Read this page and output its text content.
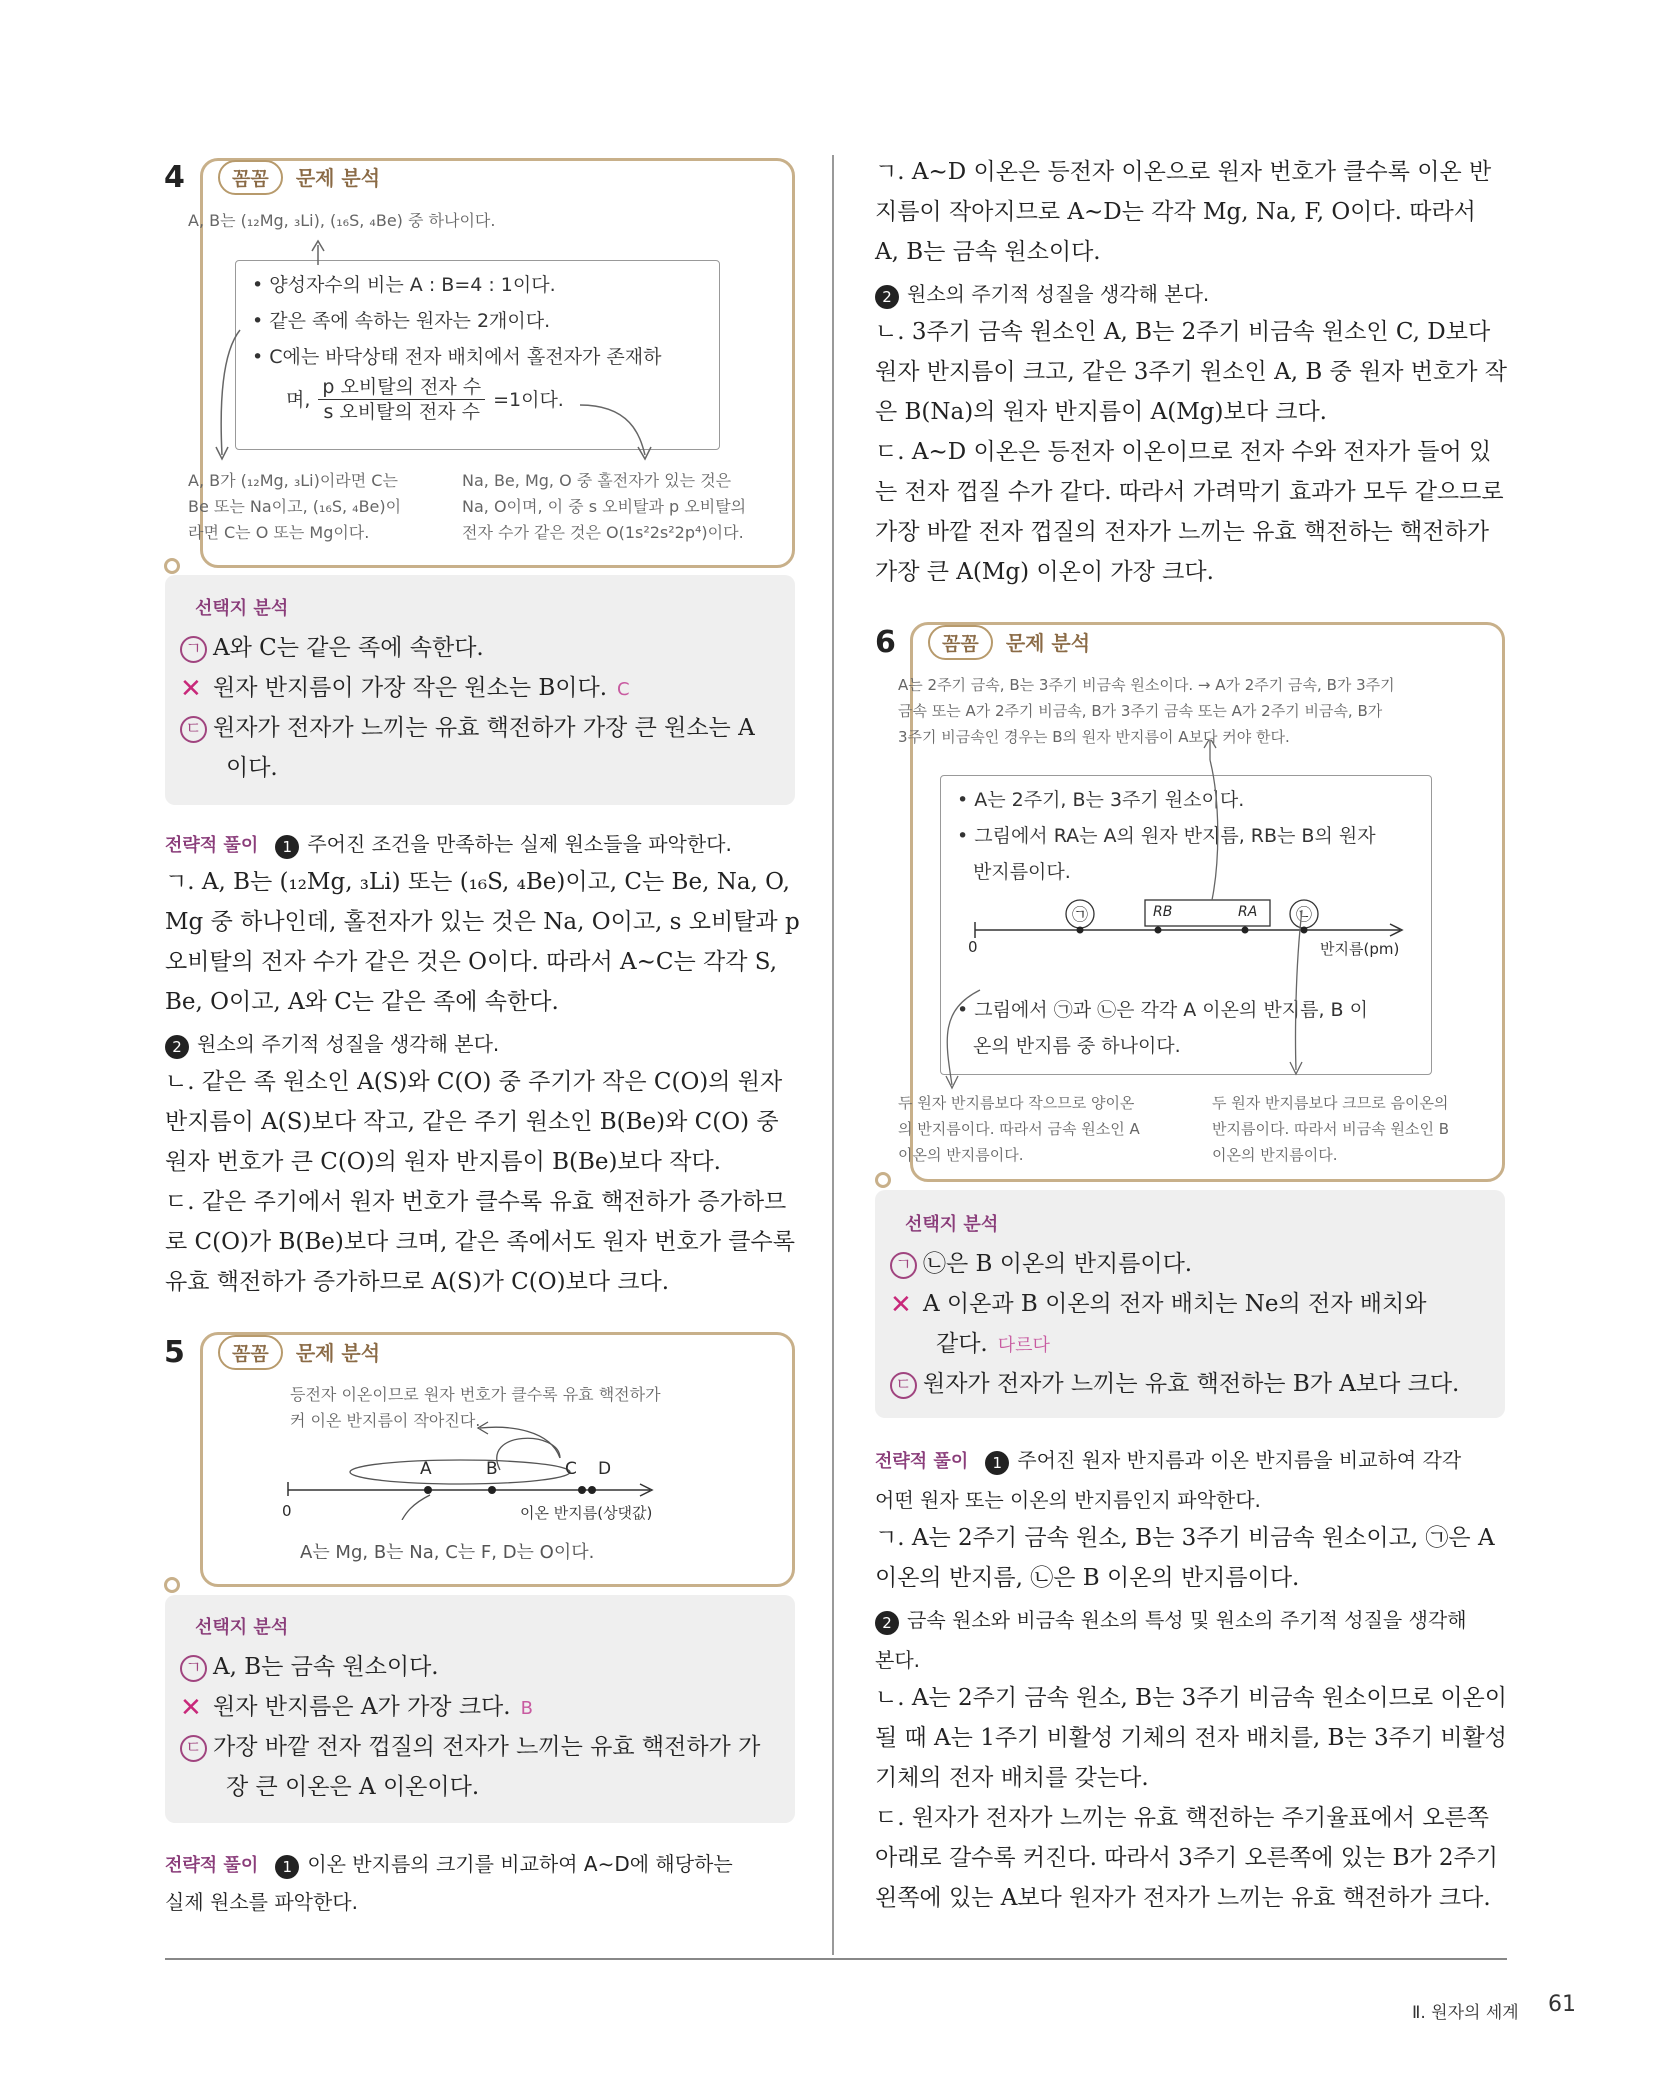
4	꼼꼼 문제 분석
A, B는 (₁₂Mg, ₃Li), (₁₆S, ₄Be) 중 하나이다.
• 양성자수의 비는 A : B=4 : 1이다.
• 같은 족에 속하는 원자는 2개이다.
• C에는 바닥상태 전자 배치에서 홀전자가 존재하
며,
p 오비탈의 전자 수
s 오비탈의 전자 수
=1이다.
A, B가 (₁₂Mg, ₃Li)이라면 C는
Be 또는 Na이고, (₁₆S, ₄Be)이
라면 C는 O 또는 Mg이다.
Na, Be, Mg, O 중 홀전자가 있는 것은
Na, O이며, 이 중 s 오비탈과 p 오비탈의
전자 수가 같은 것은 O(1s²2s²2p⁴)이다.
선택지 분석
ㄱ A와 C는 같은 족에 속한다.
✕ 원자 반지름이 가장 작은 원소는 B이다. C
ㄷ 원자가 전자가 느끼는 유효 핵전하가 가장 큰 원소는 A
이다.
전략적 풀이 1 주어진 조건을 만족하는 실제 원소들을 파악한다.
ㄱ. A, B는 (₁₂Mg, ₃Li) 또는 (₁₆S, ₄Be)이고, C는 Be, Na, O,
Mg 중 하나인데, 홀전자가 있는 것은 Na, O이고, s 오비탈과 p
오비탈의 전자 수가 같은 것은 O이다. 따라서 A∼C는 각각 S,
Be, O이고, A와 C는 같은 족에 속한다.
2 원소의 주기적 성질을 생각해 본다.
ㄴ. 같은 족 원소인 A(S)와 C(O) 중 주기가 작은 C(O)의 원자
반지름이 A(S)보다 작고, 같은 주기 원소인 B(Be)와 C(O) 중
원자 번호가 큰 C(O)의 원자 반지름이 B(Be)보다 작다.
ㄷ. 같은 주기에서 원자 번호가 클수록 유효 핵전하가 증가하므
로 C(O)가 B(Be)보다 크며, 같은 족에서도 원자 번호가 클수록
유효 핵전하가 증가하므로 A(S)가 C(O)보다 크다.
5	꼼꼼 문제 분석
등전자 이온이므로 원자 번호가 클수록 유효 핵전하가
커 이온 반지름이 작아진다.
A	B	C D
0	이온 반지름(상댓값)
A는 Mg, B는 Na, C는 F, D는 O이다.
선택지 분석
ㄱ A, B는 금속 원소이다.
✕ 원자 반지름은 A가 가장 크다. B
ㄷ 가장 바깥 전자 껍질의 전자가 느끼는 유효 핵전하가 가
장 큰 이온은 A 이온이다.
전략적 풀이 1 이온 반지름의 크기를 비교하여 A∼D에 해당하는
실제 원소를 파악한다.
ㄱ. A∼D 이온은 등전자 이온으로 원자 번호가 클수록 이온 반
지름이 작아지므로 A∼D는 각각 Mg, Na, F, O이다. 따라서
A, B는 금속 원소이다.
2 원소의 주기적 성질을 생각해 본다.
ㄴ. 3주기 금속 원소인 A, B는 2주기 비금속 원소인 C, D보다
원자 반지름이 크고, 같은 3주기 원소인 A, B 중 원자 번호가 작
은 B(Na)의 원자 반지름이 A(Mg)보다 크다.
ㄷ. A∼D 이온은 등전자 이온이므로 전자 수와 전자가 들어 있
는 전자 껍질 수가 같다. 따라서 가려막기 효과가 모두 같으므로
가장 바깥 전자 껍질의 전자가 느끼는 유효 핵전하는 핵전하가
가장 큰 A(Mg) 이온이 가장 크다.
6	꼼꼼 문제 분석
A는 2주기 금속, B는 3주기 비금속 원소이다. → A가 2주기 금속, B가 3주기
금속 또는 A가 2주기 비금속, B가 3주기 금속 또는 A가 2주기 비금속, B가
3주기 비금속인 경우는 B의 원자 반지름이 A보다 커야 한다.
• A는 2주기, B는 3주기 원소이다.
• 그림에서 RA는 A의 원자 반지름, RB는 B의 원자
반지름이다.
• 그림에서 ㉠과 ㉡은 각각 A 이온의 반지름, B 이
온의 반지름 중 하나이다.
㉠	RB	RA ㉡
0	반지름(pm)
두 원자 반지름보다 작으므로 양이온
의 반지름이다. 따라서 금속 원소인 A
이온의 반지름이다.
두 원자 반지름보다 크므로 음이온의
반지름이다. 따라서 비금속 원소인 B
이온의 반지름이다.
선택지 분석
ㄱ ㉡은 B 이온의 반지름이다.
✕ A 이온과 B 이온의 전자 배치는 Ne의 전자 배치와
같다. 다르다
ㄷ 원자가 전자가 느끼는 유효 핵전하는 B가 A보다 크다.
전략적 풀이 1 주어진 원자 반지름과 이온 반지름을 비교하여 각각
어떤 원자 또는 이온의 반지름인지 파악한다.
ㄱ. A는 2주기 금속 원소, B는 3주기 비금속 원소이고, ㉠은 A
이온의 반지름, ㉡은 B 이온의 반지름이다.
2 금속 원소와 비금속 원소의 특성 및 원소의 주기적 성질을 생각해
본다.
ㄴ. A는 2주기 금속 원소, B는 3주기 비금속 원소이므로 이온이
될 때 A는 1주기 비활성 기체의 전자 배치를, B는 3주기 비활성
기체의 전자 배치를 갖는다.
ㄷ. 원자가 전자가 느끼는 유효 핵전하는 주기율표에서 오른쪽
아래로 갈수록 커진다. 따라서 3주기 오른쪽에 있는 B가 2주기
왼쪽에 있는 A보다 원자가 전자가 느끼는 유효 핵전하가 크다.
Ⅱ. 원자의 세계 61
